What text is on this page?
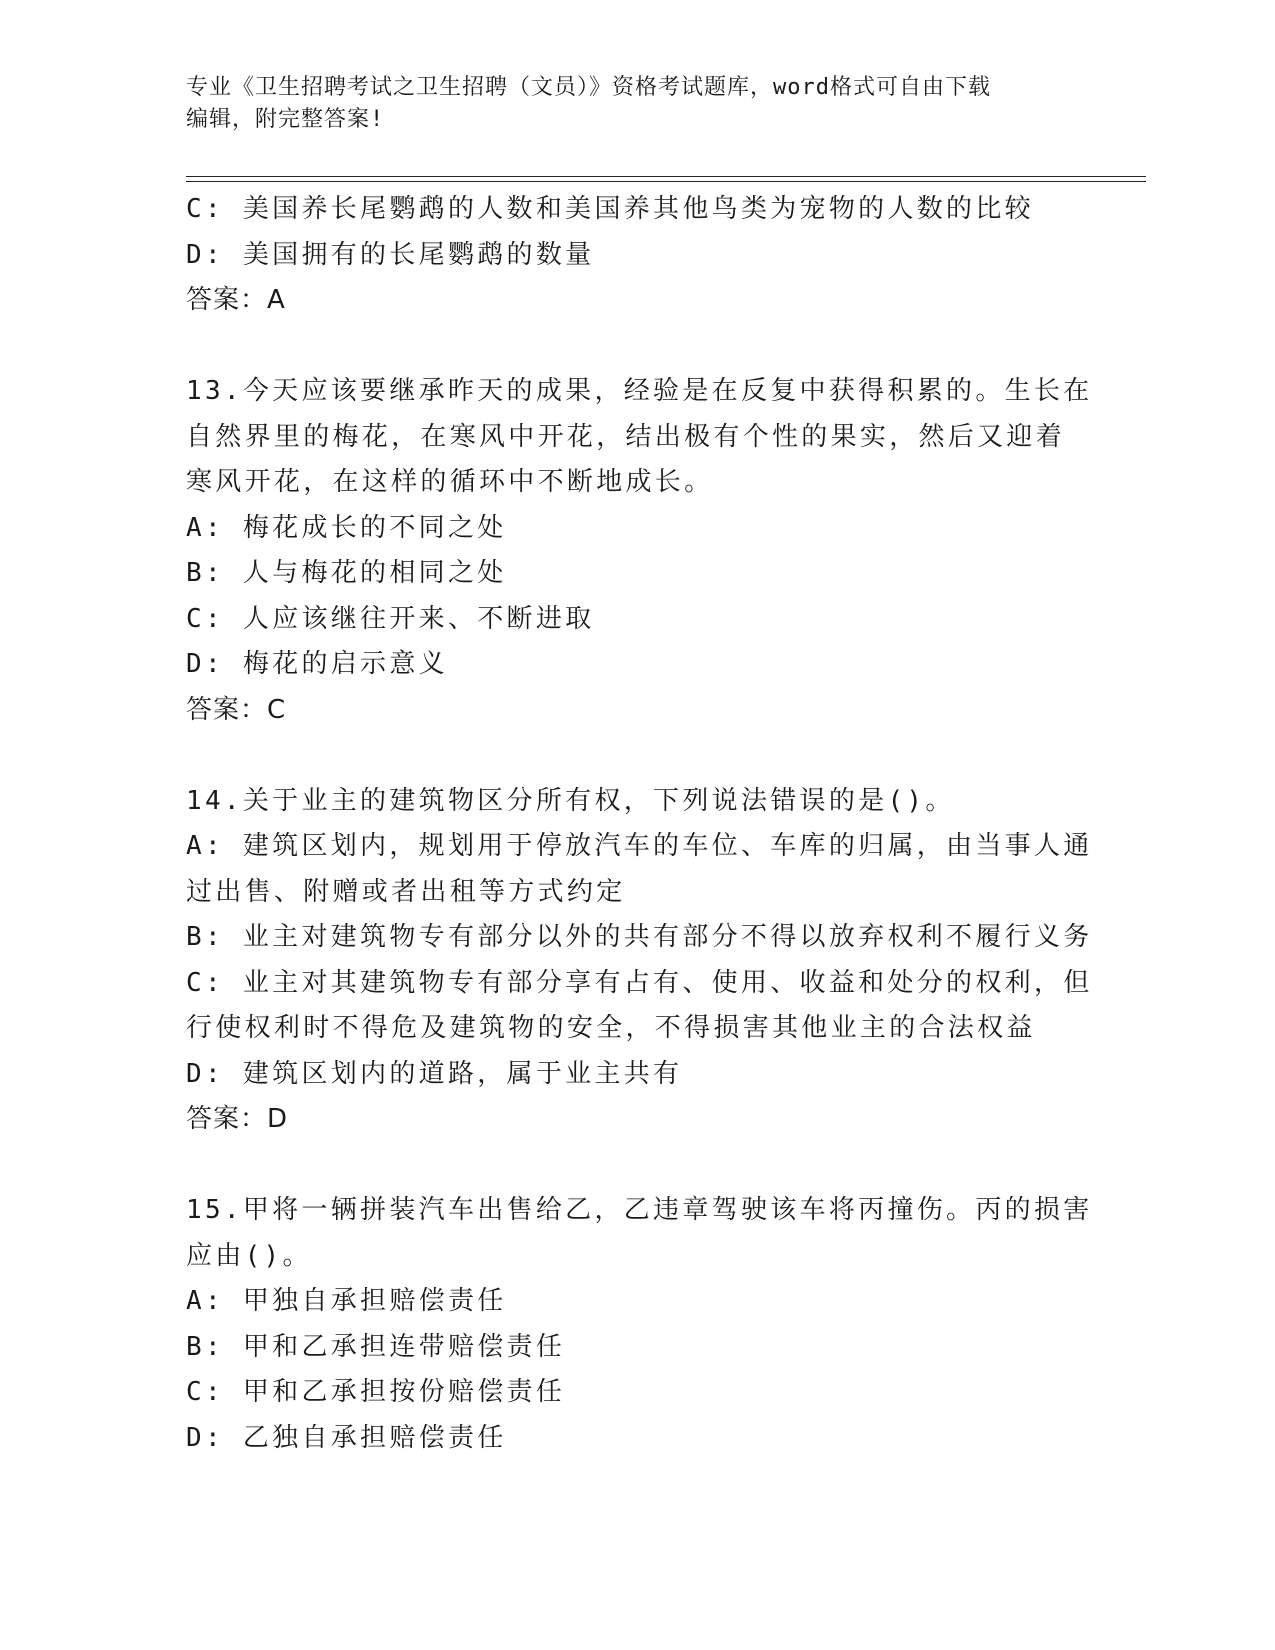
专业《卫生招聘考试之卫生招聘（文员）》资格考试题库，word格式可自由下载
编辑，附完整答案!
C: 美国养长尾鹦鹉的人数和美国养其他鸟类为宠物的人数的比较
D: 美国拥有的长尾鹦鹉的数量
答案：A
13.今天应该要继承昨天的成果，经验是在反复中获得积累的。生长在
自然界里的梅花，在寒风中开花，结出极有个性的果实，然后又迎着
寒风开花，在这样的循环中不断地成长。
A: 梅花成长的不同之处
B: 人与梅花的相同之处
C: 人应该继往开来、不断进取
D: 梅花的启示意义
答案：C
14.关于业主的建筑物区分所有权，下列说法错误的是()。
A: 建筑区划内，规划用于停放汽车的车位、车库的归属，由当事人通
过出售、附赠或者出租等方式约定
B: 业主对建筑物专有部分以外的共有部分不得以放弃权利不履行义务
C: 业主对其建筑物专有部分享有占有、使用、收益和处分的权利，但
行使权利时不得危及建筑物的安全，不得损害其他业主的合法权益
D: 建筑区划内的道路，属于业主共有
答案：D
15.甲将一辆拼装汽车出售给乙，乙违章驾驶该车将丙撞伤。丙的损害
应由()。
A: 甲独自承担赔偿责任
B: 甲和乙承担连带赔偿责任
C: 甲和乙承担按份赔偿责任
D: 乙独自承担赔偿责任
